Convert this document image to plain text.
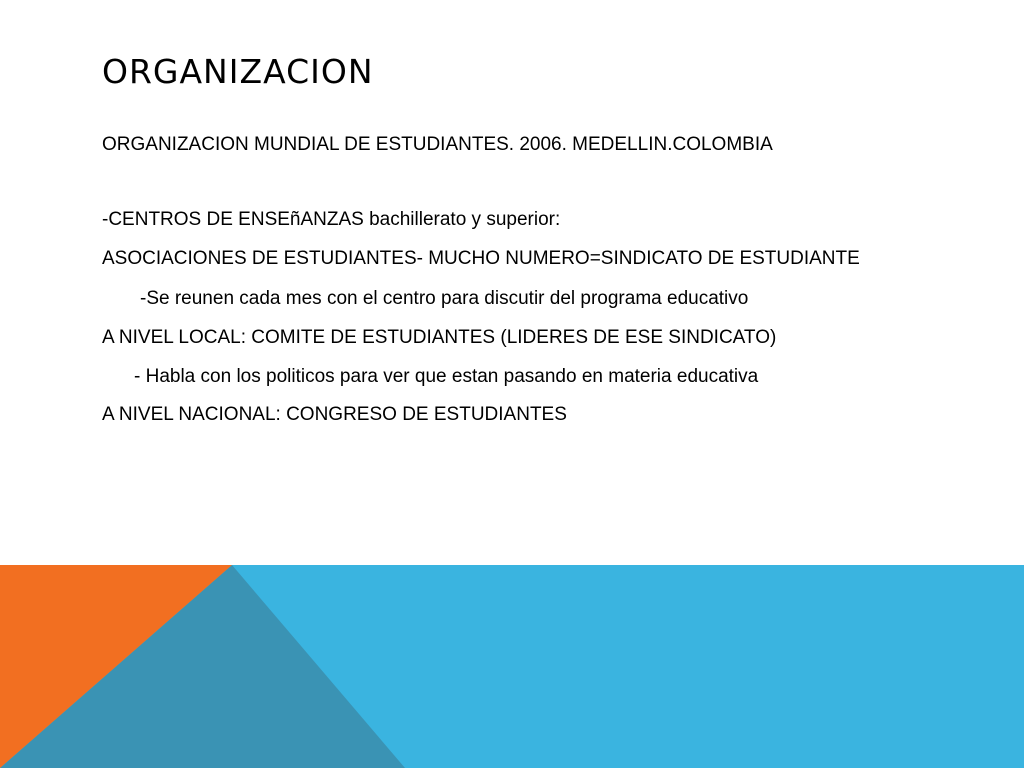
ORGANIZACION
ORGANIZACION MUNDIAL DE ESTUDIANTES. 2006. MEDELLIN.COLOMBIA
-CENTROS DE ENSEñANZAS bachillerato y superior:
ASOCIACIONES DE ESTUDIANTES- MUCHO NUMERO=SINDICATO DE ESTUDIANTE
-Se reunen cada mes con el centro para discutir del programa educativo
A NIVEL LOCAL: COMITE DE ESTUDIANTES (LIDERES DE ESE SINDICATO)
- Habla con los politicos para ver que estan pasando en materia educativa
A NIVEL NACIONAL: CONGRESO DE ESTUDIANTES
